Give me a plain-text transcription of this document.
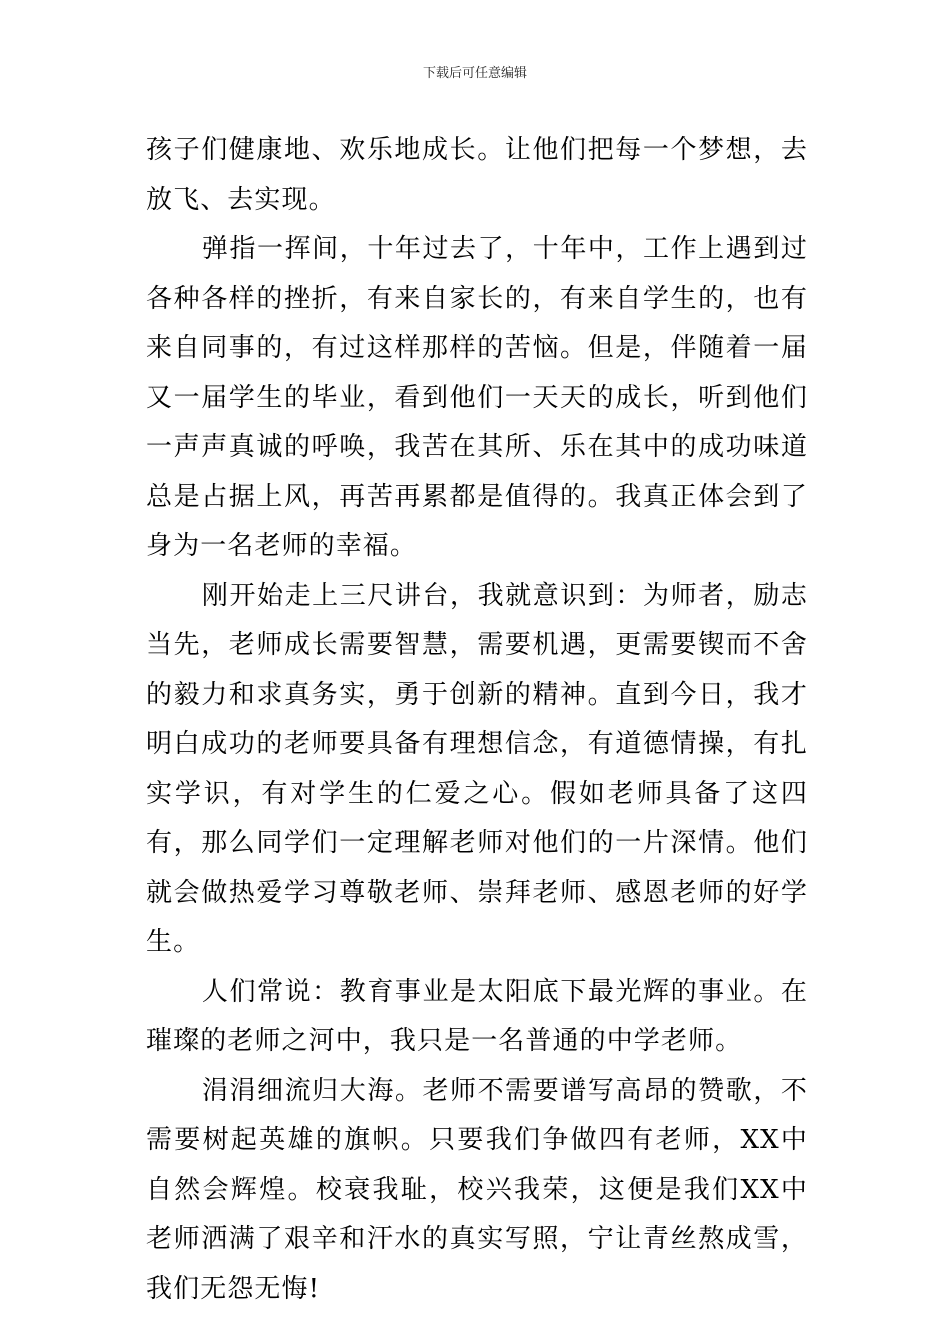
下载后可任意编辑

孩子们健康地、欢乐地成长。让他们把每一个梦想，去放飞、去实现。

弹指一挥间，十年过去了，十年中，工作上遇到过各种各样的挫折，有来自家长的，有来自学生的，也有来自同事的，有过这样那样的苦恼。但是，伴随着一届又一届学生的毕业，看到他们一天天的成长，听到他们一声声真诚的呼唤，我苦在其所、乐在其中的成功味道总是占据上风，再苦再累都是值得的。我真正体会到了身为一名老师的幸福。

刚开始走上三尺讲台，我就意识到：为师者，励志当先，老师成长需要智慧，需要机遇，更需要锲而不舍的毅力和求真务实，勇于创新的精神。直到今日，我才明白成功的老师要具备有理想信念，有道德情操，有扎实学识，有对学生的仁爱之心。假如老师具备了这四有，那么同学们一定理解老师对他们的一片深情。他们就会做热爱学习尊敬老师、崇拜老师、感恩老师的好学生。

人们常说：教育事业是太阳底下最光辉的事业。在璀璨的老师之河中，我只是一名普通的中学老师。

涓涓细流归大海。老师不需要谱写高昂的赞歌，不需要树起英雄的旗帜。只要我们争做四有老师，XX中自然会辉煌。校衰我耻，校兴我荣，这便是我们XX中老师洒满了艰辛和汗水的真实写照，宁让青丝熬成雪，我们无怨无悔!
